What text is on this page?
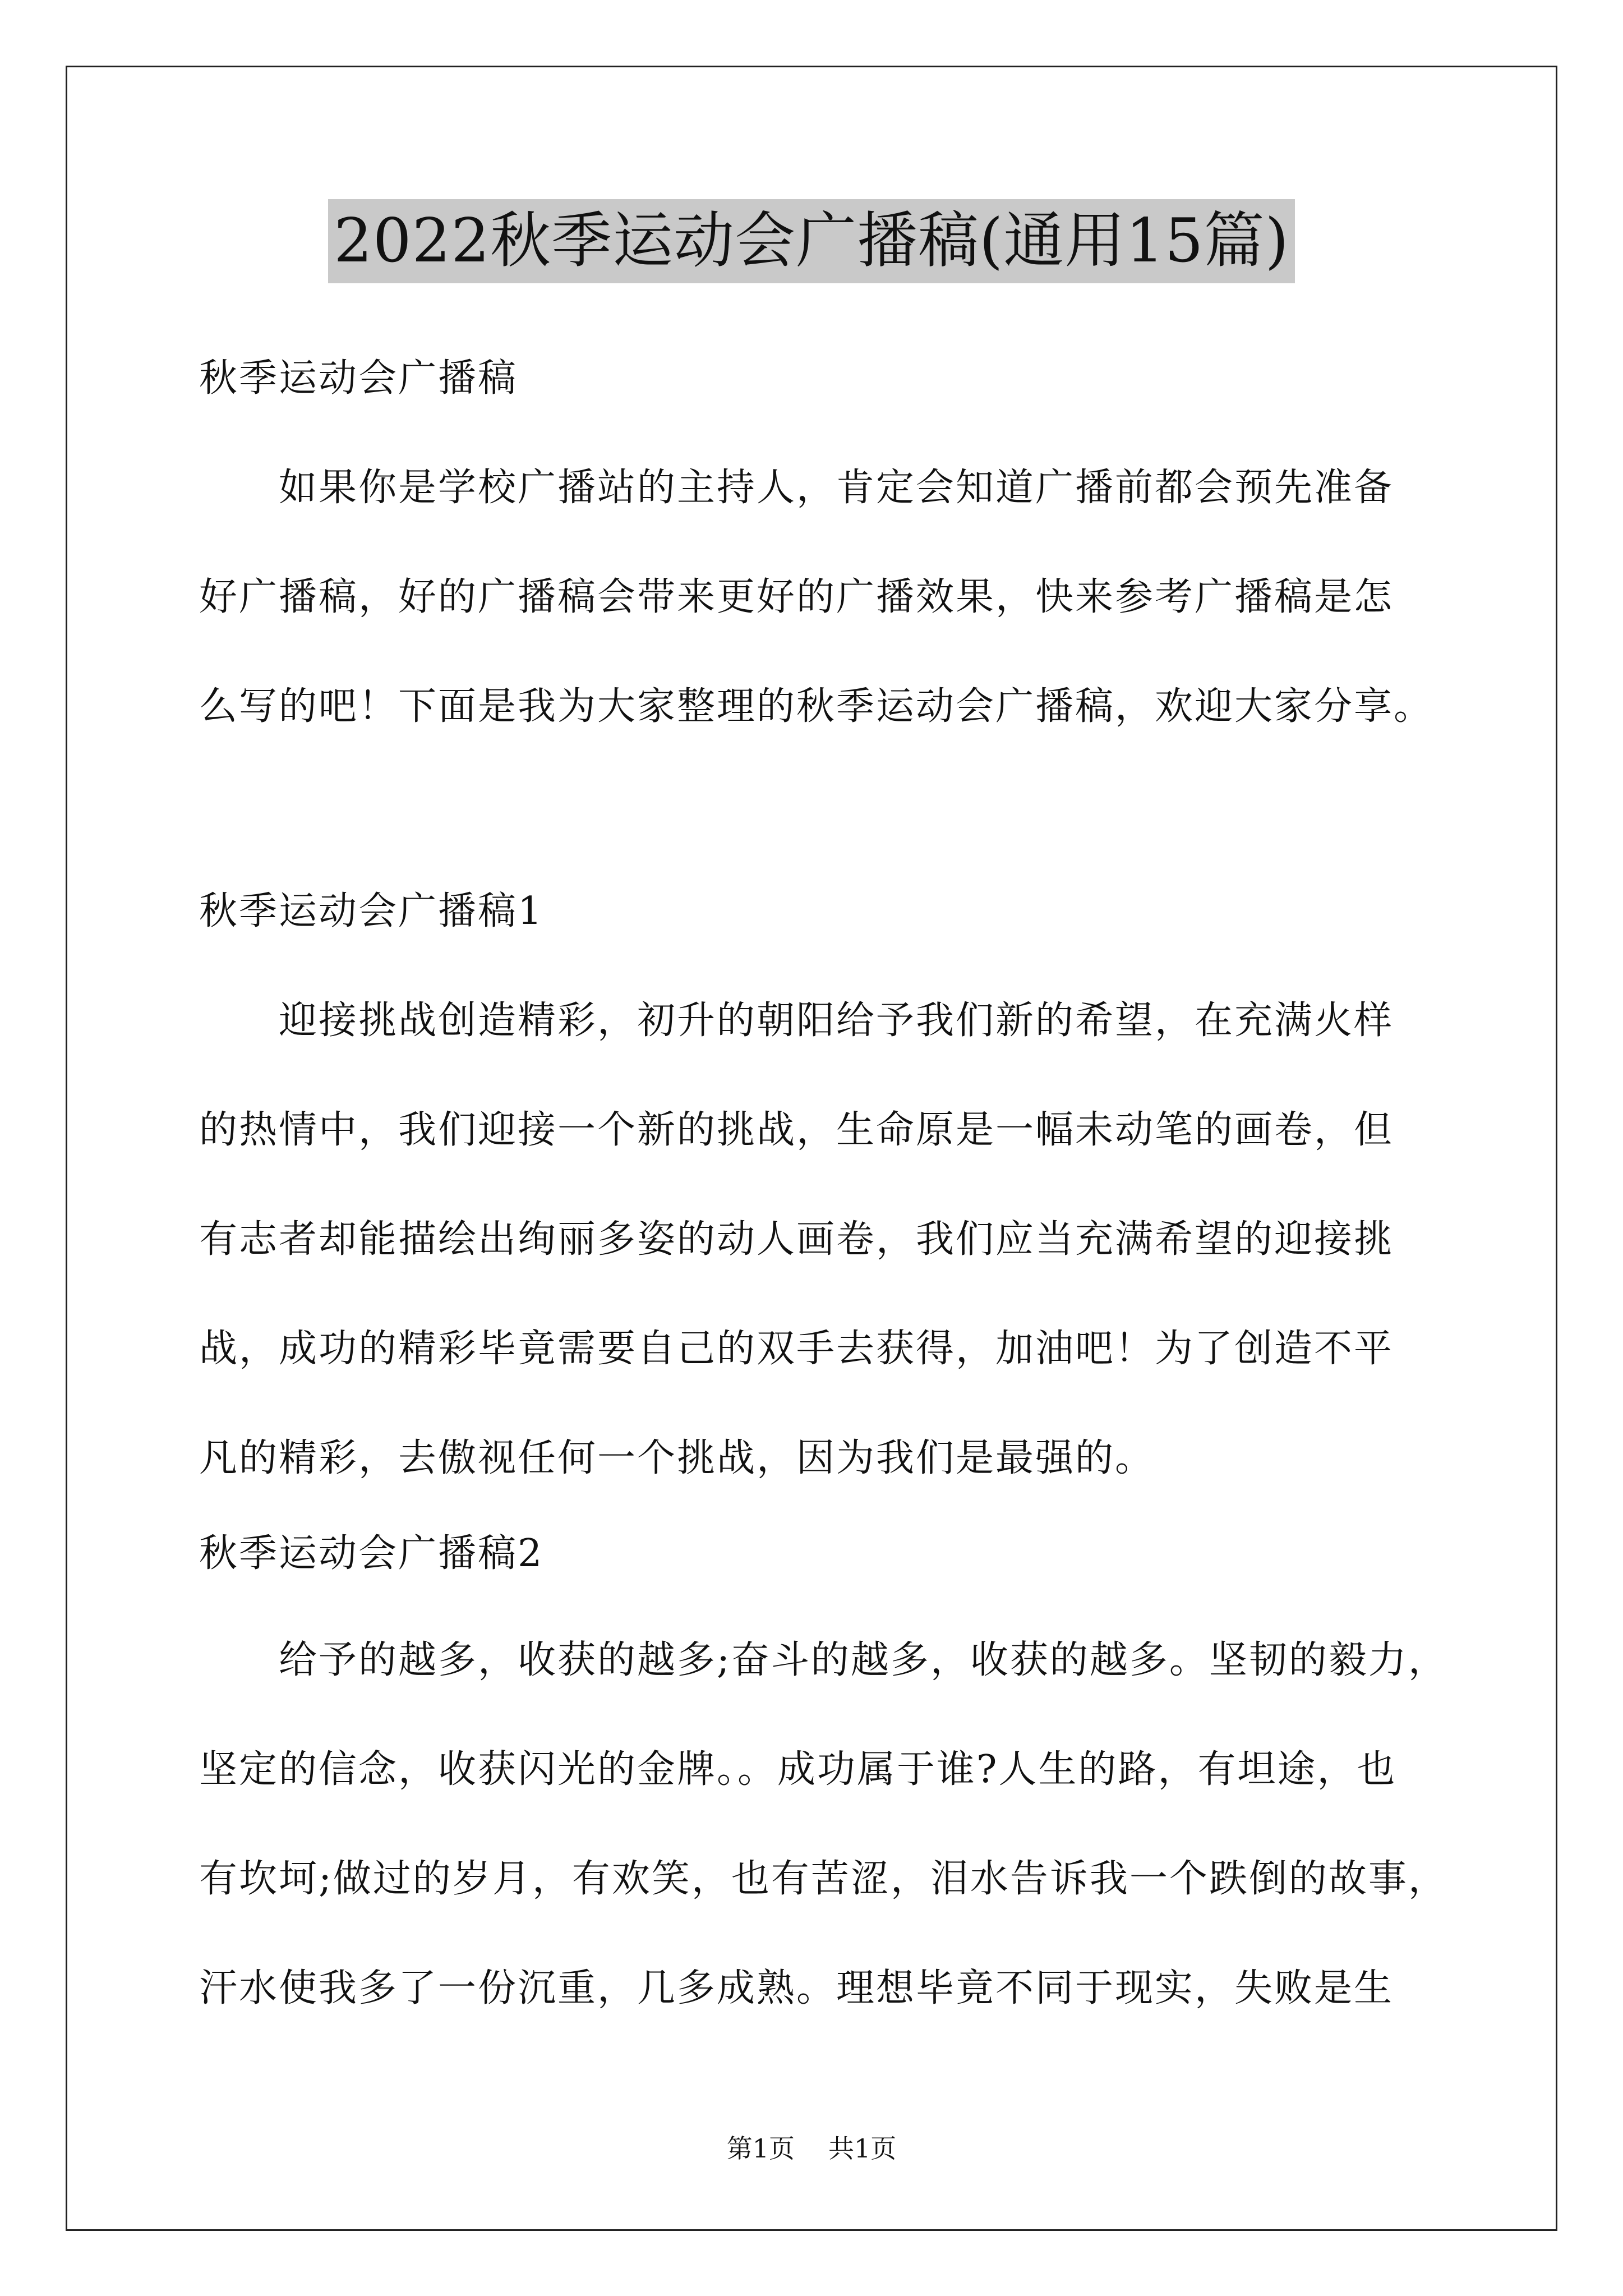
2022秋季运动会广播稿(通用15篇)
秋季运动会广播稿
　　如果你是学校广播站的主持人，肯定会知道广播前都会预先准备
好广播稿，好的广播稿会带来更好的广播效果，快来参考广播稿是怎
么写的吧！下面是我为大家整理的秋季运动会广播稿，欢迎大家分享。
秋季运动会广播稿1
　　迎接挑战创造精彩，初升的朝阳给予我们新的希望，在充满火样
的热情中，我们迎接一个新的挑战，生命原是一幅未动笔的画卷，但
有志者却能描绘出绚丽多姿的动人画卷，我们应当充满希望的迎接挑
战，成功的精彩毕竟需要自己的双手去获得，加油吧！为了创造不平
凡的精彩，去傲视任何一个挑战，因为我们是最强的。
秋季运动会广播稿2
　　给予的越多，收获的越多;奋斗的越多，收获的越多。坚韧的毅力，
坚定的信念，收获闪光的金牌。。成功属于谁?人生的路，有坦途，也
有坎坷;做过的岁月，有欢笑，也有苦涩，泪水告诉我一个跌倒的故事，
汗水使我多了一份沉重，几多成熟。理想毕竟不同于现实，失败是生
第1页 共1页
